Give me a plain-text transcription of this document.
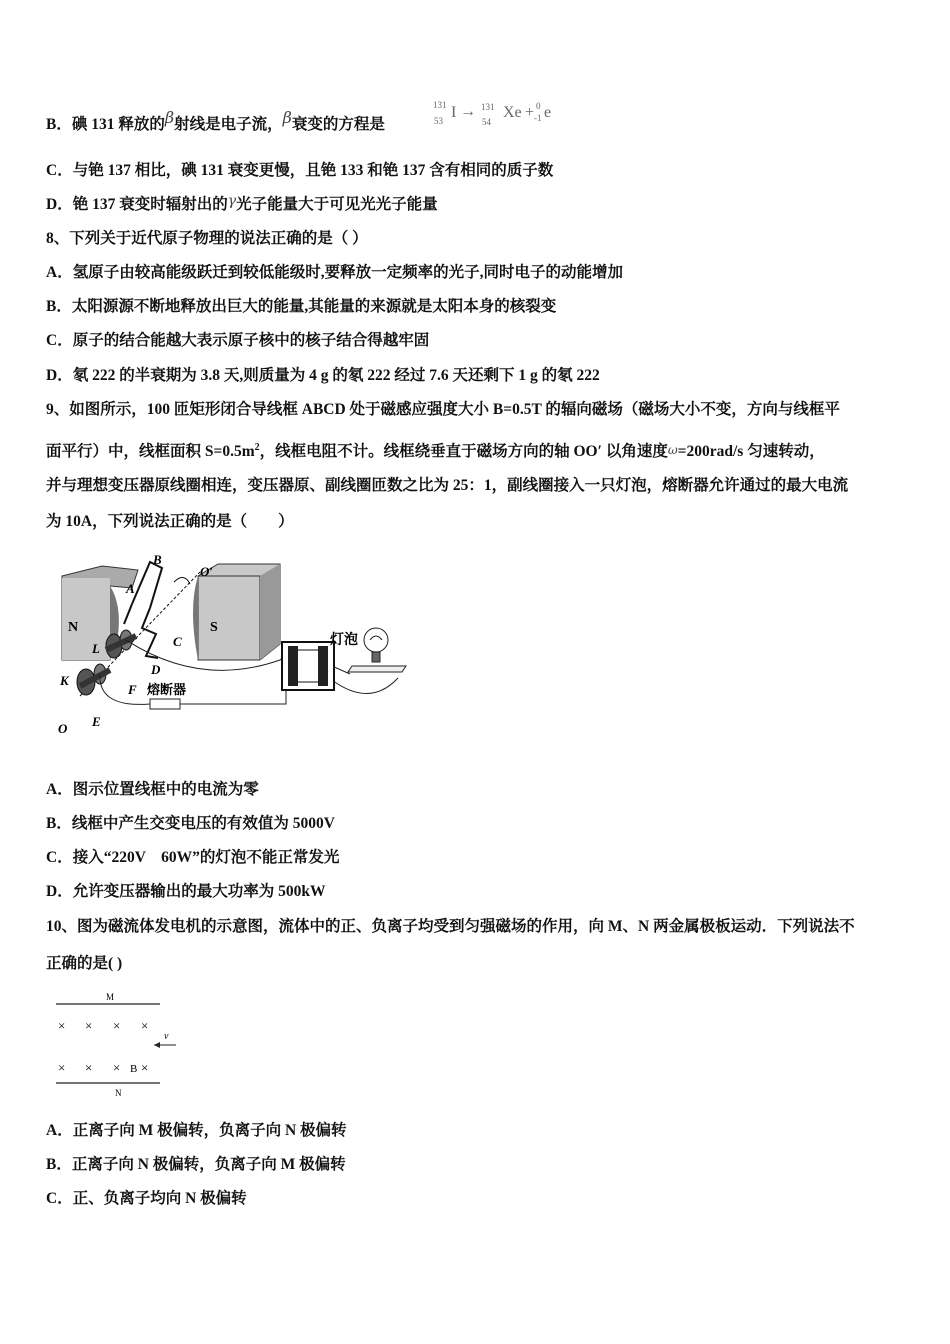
B．碘 131 释放的β射线是电子流，β衰变的方程是
131
53 I → 131
54
Xe + 0
-1 e
C．与铯 137 相比，碘 131 衰变更慢，且铯 133 和铯 137 含有相同的质子数
D．铯 137 衰变时辐射出的γ光子能量大于可见光光子能量
8、下列关于近代原子物理的说法正确的是（ ）
A．氢原子由较高能级跃迁到较低能级时,要释放一定频率的光子,同时电子的动能增加
B．太阳源源不断地释放出巨大的能量,其能量的来源就是太阳本身的核裂变
C．原子的结合能越大表示原子核中的核子结合得越牢固
D．氡 222 的半衰期为 3.8 天,则质量为 4 g 的氡 222 经过 7.6 天还剩下 1 g 的氡 222
9、如图所示，100 匝矩形闭合导线框 ABCD 处于磁感应强度大小 B=0.5T 的辐向磁场（磁场大小不变，方向与线框平
面平行）中，线框面积 $S=0.5m^2$，线框电阻不计。线框绕垂直于磁场方向的轴 OO′ 以角速度ω=200rad/s 匀速转动，
并与理想变压器原线圈相连，变压器原、副线圈匝数之比为 25：1，副线圈接入一只灯泡，熔断器允许通过的最大电流
为 10A，下列说法正确的是（　　）
N	S
B
A
C
D
O′
L
K
O
F
E
熔断器
灯泡
A．图示位置线框中的电流为零
B．线框中产生交变电压的有效值为 5000V
C．接入“220V　60W”的灯泡不能正常发光
D．允许变压器输出的最大功率为 500kW
10、图为磁流体发电机的示意图，流体中的正、负离子均受到匀强磁场的作用，向 M、N 两金属极板运动．下列说法不
正确的是( )
M
× × × ×
v
× × × B ×
N
A．正离子向 M 极偏转，负离子向 N 极偏转
B．正离子向 N 极偏转，负离子向 M 极偏转
C．正、负离子均向 N 极偏转
